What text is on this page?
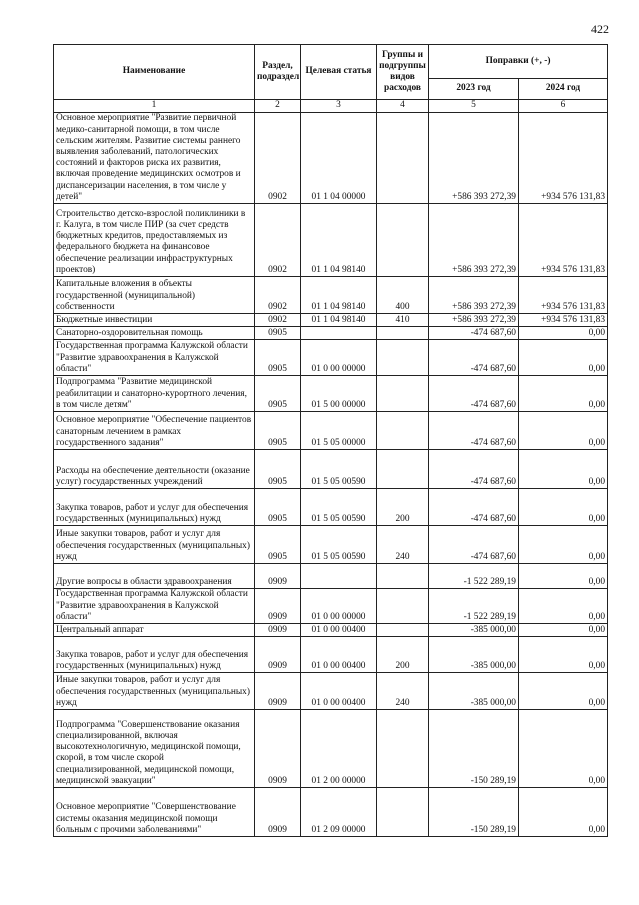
422
Наименование	Раздел, подраздел	Целевая статья	Группы и подгруппы видов расходов	Поправки (+, -)	
				2023 год	2024 год
1	2	3	4	5	6
Основное мероприятие "Развитие первичной медико-санитарной помощи, в том числе сельским жителям. Развитие системы раннего выявления заболеваний, патологических состояний и факторов риска их развития, включая проведение медицинских осмотров и диспансеризации населения, в том числе у детей"	0902	01 1 04 00000		+586 393 272,39	+934 576 131,83
Строительство детско-взрослой поликлиники в г. Калуга, в том числе ПИР (за счет средств бюджетных кредитов, предоставляемых из федерального бюджета на финансовое обеспечение реализации инфраструктурных проектов)	0902	01 1 04 98140		+586 393 272,39	+934 576 131,83
Капитальные вложения в объекты государственной (муниципальной) собственности	0902	01 1 04 98140	400	+586 393 272,39	+934 576 131,83
Бюджетные инвестиции	0902	01 1 04 98140	410	+586 393 272,39	+934 576 131,83
Санаторно-оздоровительная помощь	0905			-474 687,60	0,00
Государственная программа Калужской области "Развитие здравоохранения в Калужской области"	0905	01 0 00 00000		-474 687,60	0,00
Подпрограмма "Развитие медицинской реабилитации и санаторно-курортного лечения, в том числе детям"	0905	01 5 00 00000		-474 687,60	0,00
Основное мероприятие "Обеспечение пациентов санаторным лечением в рамках государственного задания"	0905	01 5 05 00000		-474 687,60	0,00
Расходы на обеспечение деятельности (оказание услуг) государственных учреждений	0905	01 5 05 00590		-474 687,60	0,00
Закупка товаров, работ и услуг для обеспечения государственных (муниципальных) нужд	0905	01 5 05 00590	200	-474 687,60	0,00
Иные закупки товаров, работ и услуг для обеспечения государственных (муниципальных) нужд	0905	01 5 05 00590	240	-474 687,60	0,00
Другие вопросы в области здравоохранения	0909			-1 522 289,19	0,00
Государственная программа Калужской области "Развитие здравоохранения в Калужской области"	0909	01 0 00 00000		-1 522 289,19	0,00
Центральный аппарат	0909	01 0 00 00400		-385 000,00	0,00
Закупка товаров, работ и услуг для обеспечения государственных (муниципальных) нужд	0909	01 0 00 00400	200	-385 000,00	0,00
Иные закупки товаров, работ и услуг для обеспечения государственных (муниципальных) нужд	0909	01 0 00 00400	240	-385 000,00	0,00
Подпрограмма "Совершенствование оказания специализированной, включая высокотехнологичную, медицинской помощи, скорой, в том числе скорой специализированной, медицинской помощи, медицинской эвакуации"	0909	01 2 00 00000		-150 289,19	0,00
Основное мероприятие "Совершенствование системы оказания медицинской помощи больным с прочими заболеваниями"	0909	01 2 09 00000		-150 289,19	0,00
